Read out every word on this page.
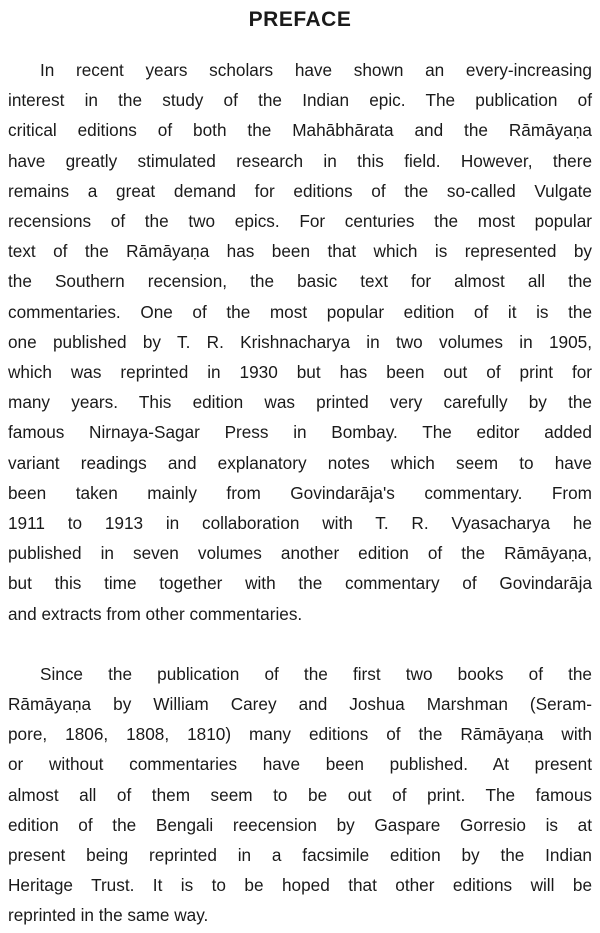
PREFACE

In recent years scholars have shown an every-increasing
interest in the study of the Indian epic. The publication of
critical editions of both the Mahābhārata and the Rāmāyaṇa
have greatly stimulated research in this field. However, there
remains a great demand for editions of the so-called Vulgate
recensions of the two epics. For centuries the most popular
text of the Rāmāyaṇa has been that which is represented by
the Southern recension, the basic text for almost all the
commentaries. One of the most popular edition of it is the
one published by T. R. Krishnacharya in two volumes in 1905,
which was reprinted in 1930 but has been out of print for
many years. This edition was printed very carefully by the
famous Nirnaya-Sagar Press in Bombay. The editor added
variant readings and explanatory notes which seem to have
been taken mainly from Govindarāja's commentary. From
1911 to 1913 in collaboration with T. R. Vyasacharya he
published in seven volumes another edition of the Rāmāyaṇa,
but this time together with the commentary of Govindarāja
and extracts from other commentaries.

Since the publication of the first two books of the
Rāmāyaṇa by William Carey and Joshua Marshman (Seram-
pore, 1806, 1808, 1810) many editions of the Rāmāyaṇa with
or without commentaries have been published. At present
almost all of them seem to be out of print. The famous
edition of the Bengali reecension by Gaspare Gorresio is at
present being reprinted in a facsimile edition by the Indian
Heritage Trust. It is to be hoped that other editions will be
reprinted in the same way.
